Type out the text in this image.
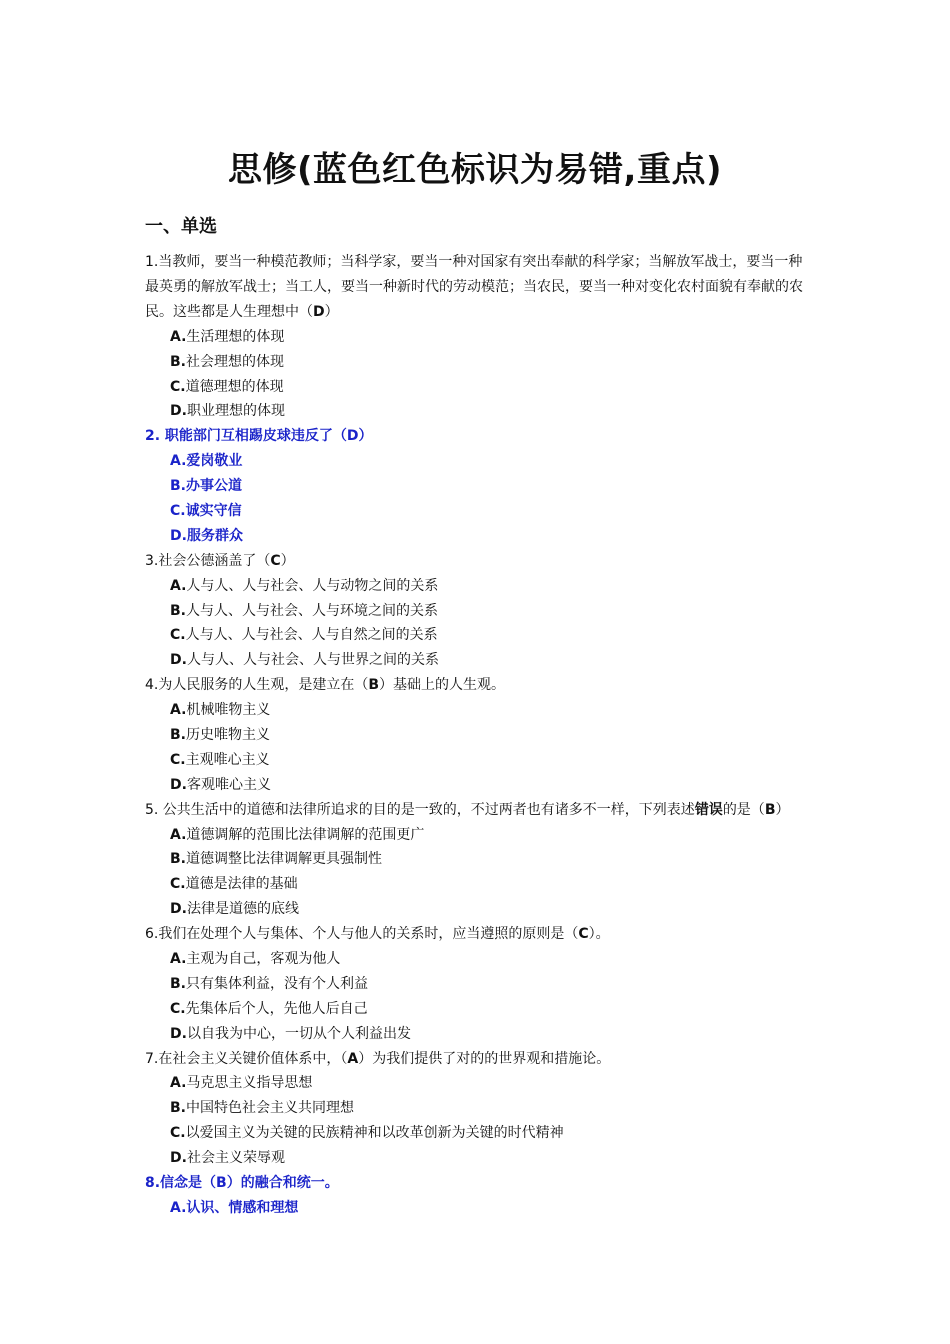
思修(蓝色红色标识为易错,重点)
一、单选
1.当教师，要当一种模范教师；当科学家，要当一种对国家有突出奉献的科学家；当解放军战士，要当一种最英勇的解放军战士；当工人，要当一种新时代的劳动模范；当农民，要当一种对变化农村面貌有奉献的农民。这些都是人生理想中（D）
A.生活理想的体现
B.社会理想的体现
C.道德理想的体现
D.职业理想的体现
2. 职能部门互相踢皮球违反了（D）
A.爱岗敬业
B.办事公道
C.诚实守信
D.服务群众
3.社会公德涵盖了（C）
A.人与人、人与社会、人与动物之间的关系
B.人与人、人与社会、人与环境之间的关系
C.人与人、人与社会、人与自然之间的关系
D.人与人、人与社会、人与世界之间的关系
4.为人民服务的人生观，是建立在（B）基础上的人生观。
A.机械唯物主义
B.历史唯物主义
C.主观唯心主义
D.客观唯心主义
5. 公共生活中的道德和法律所追求的目的是一致的，不过两者也有诸多不一样，下列表述错误的是（B）
A.道德调解的范围比法律调解的范围更广
B.道德调整比法律调解更具强制性
C.道德是法律的基础
D.法律是道德的底线
6.我们在处理个人与集体、个人与他人的关系时，应当遵照的原则是（C）。
A.主观为自己，客观为他人
B.只有集体利益，没有个人利益
C.先集体后个人，先他人后自己
D.以自我为中心，一切从个人利益出发
7.在社会主义关键价值体系中，（A）为我们提供了对的的世界观和措施论。
A.马克思主义指导思想
B.中国特色社会主义共同理想
C.以爱国主义为关键的民族精神和以改革创新为关键的时代精神
D.社会主义荣辱观
8.信念是（B）的融合和统一。
A.认识、情感和理想
